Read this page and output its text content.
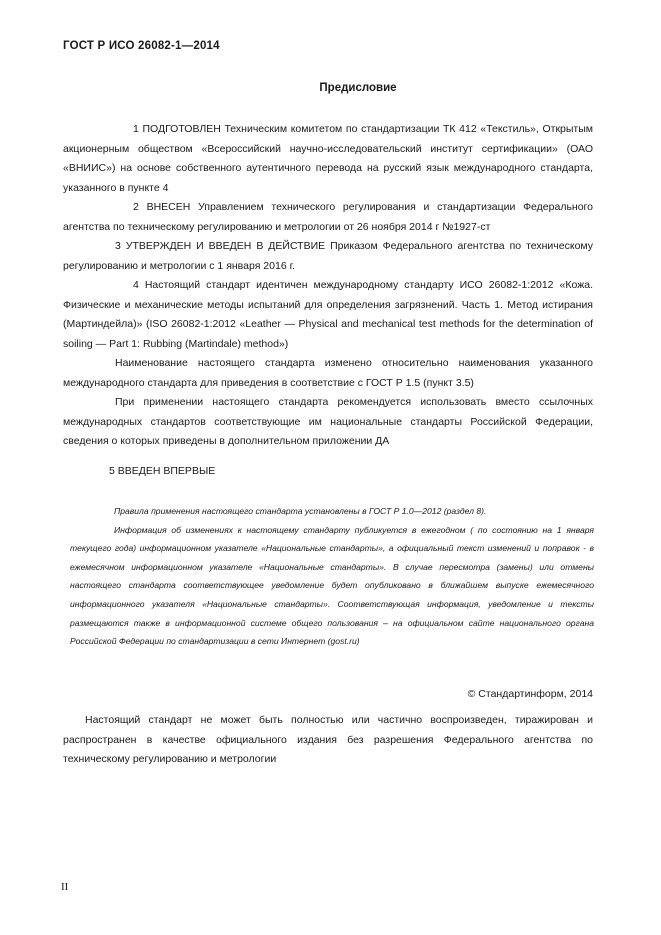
ГОСТ Р ИСО 26082-1—2014
Предисловие

1 ПОДГОТОВЛЕН Техническим комитетом по стандартизации ТК 412 «Текстиль», Открытым акционерным обществом «Всероссийский научно-исследовательский институт сертификации» (ОАО «ВНИИС») на основе собственного аутентичного перевода на русский язык международного стандарта, указанного в пункте 4

2 ВНЕСЕН Управлением технического регулирования и стандартизации Федерального агентства по техническому регулированию и метрологии от 26 ноября 2014 г №1927-ст

3 УТВЕРЖДЕН И ВВЕДЕН В ДЕЙСТВИЕ Приказом Федерального агентства по техническому регулированию и метрологии с 1 января 2016 г.

4 Настоящий стандарт идентичен международному стандарту ИСО 26082-1:2012 «Кожа. Физические и механические методы испытаний для определения загрязнений. Часть 1. Метод истирания (Мартиндейла)» (ISO 26082-1:2012 «Leather — Physical and mechanical test methods for the determination of soiling — Part 1: Rubbing (Martindale) method»)

Наименование настоящего стандарта изменено относительно наименования указанного международного стандарта для приведения в соответствие с ГОСТ Р 1.5 (пункт 3.5)

При применении настоящего стандарта рекомендуется использовать вместо ссылочных международных стандартов соответствующие им национальные стандарты Российской Федерации, сведения о которых приведены в дополнительном приложении ДА

5 ВВЕДЕН ВПЕРВЫЕ

Правила применения настоящего стандарта установлены в ГОСТ Р 1.0—2012 (раздел 8).

Информация об изменениях к настоящему стандарту публикуется в ежегодном ( по состоянию на 1 января текущего года) информационном указателе «Национальные стандарты», а официальный текст изменений и поправок - в ежемесячном информационном указателе «Национальные стандарты». В случае пересмотра (замены) или отмены настоящего стандарта соответствующее уведомление будет опубликовано в ближайшем выпуске ежемесячного информационного указателя «Национальные стандарты». Соответствующая информация, уведомление и тексты размещаются также в информационной системе общего пользования – на официальном сайте национального органа Российской Федерации по стандартизации в сети Интернет (gost.ru)

© Стандартинформ, 2014

Настоящий стандарт не может быть полностью или частично воспроизведен, тиражирован и распространен в качестве официального издания без разрешения Федерального агентства по техническому регулированию и метрологии

II
